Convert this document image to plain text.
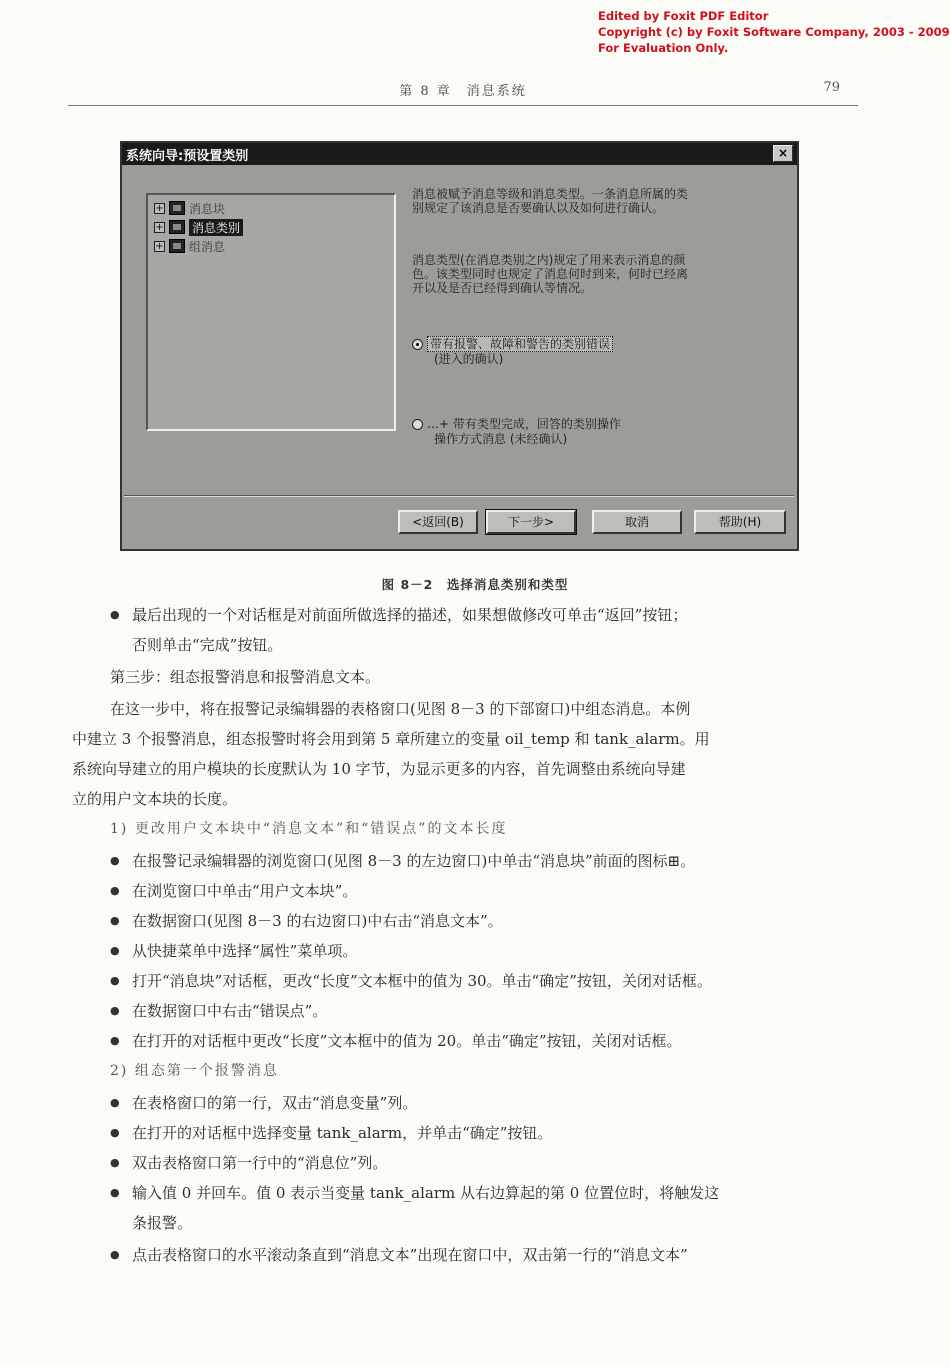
Edited by Foxit PDF Editor
Copyright (c) by Foxit Software Company, 2003 - 2009
For Evaluation Only.
第 8 章　消息系统	79
系统向导:预设置类别	×
+ 消息块
+ 消息类别
+ 组消息
消息被赋予消息等级和消息类型。一条消息所属的类
别规定了该消息是否要确认以及如何进行确认。
消息类型(在消息类别之内)规定了用来表示消息的颜
色。该类型同时也规定了消息何时到来，何时已经离
开以及是否已经得到确认等情况。
带有报警、故障和警告的类别错误
(进入的确认)
…+ 带有类型完成，回答的类别操作
操作方式消息 (未经确认)
<返回(B)	下一步>	取消	帮助(H)
图 8－2　选择消息类别和类型
● 最后出现的一个对话框是对前面所做选择的描述，如果想做修改可单击“返回”按钮；
否则单击“完成”按钮。
第三步：组态报警消息和报警消息文本。
在这一步中，将在报警记录编辑器的表格窗口(见图 8－3 的下部窗口)中组态消息。本例
中建立 3 个报警消息，组态报警时将会用到第 5 章所建立的变量 oil_temp 和 tank_alarm。用
系统向导建立的用户模块的长度默认为 10 字节，为显示更多的内容，首先调整由系统向导建
立的用户文本块的长度。
1) 更改用户文本块中“消息文本”和“错误点”的文本长度
● 在报警记录编辑器的浏览窗口(见图 8－3 的左边窗口)中单击“消息块”前面的图标⊞。
● 在浏览窗口中单击“用户文本块”。
● 在数据窗口(见图 8－3 的右边窗口)中右击“消息文本”。
● 从快捷菜单中选择“属性”菜单项。
● 打开“消息块”对话框，更改“长度”文本框中的值为 30。单击“确定”按钮，关闭对话框。
● 在数据窗口中右击“错误点”。
● 在打开的对话框中更改“长度”文本框中的值为 20。单击“确定”按钮，关闭对话框。
2) 组态第一个报警消息
● 在表格窗口的第一行，双击“消息变量”列。
● 在打开的对话框中选择变量 tank_alarm，并单击“确定”按钮。
● 双击表格窗口第一行中的“消息位”列。
● 输入值 0 并回车。值 0 表示当变量 tank_alarm 从右边算起的第 0 位置位时，将触发这
条报警。
● 点击表格窗口的水平滚动条直到“消息文本”出现在窗口中，双击第一行的“消息文本”
